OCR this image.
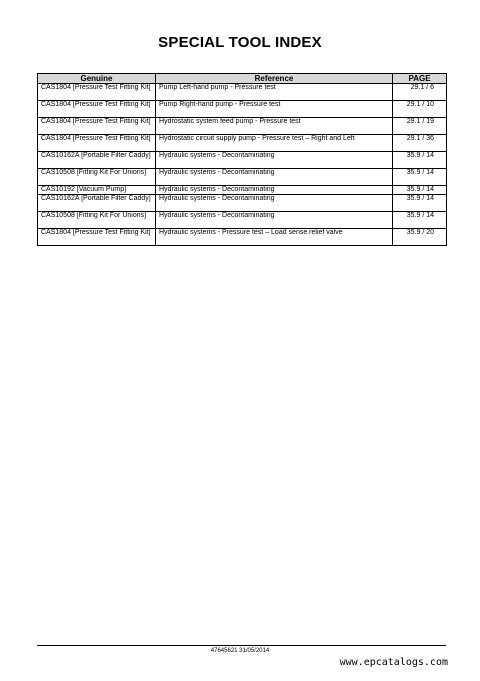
SPECIAL TOOL INDEX
Genuine	Reference	PAGE
CAS1804 [Pressure Test Fitting Kit]	Pump Left-hand pump - Pressure test	29.1 / 6
CAS1804 [Pressure Test Fitting Kit]	Pump Right-hand pump - Pressure test	29.1 / 10
CAS1804 [Pressure Test Fitting Kit]	Hydrostatic system feed pump - Pressure test	29.1 / 19
CAS1804 [Pressure Test Fitting Kit]	Hydrostatic circuit supply pump - Pressure test – Right and Left	29.1 / 36
CAS10162A [Portable Filter Caddy]	Hydraulic systems - Decontaminating	35.9 / 14
CAS10508 [Fitting Kit For Unions]	Hydraulic systems - Decontaminating	35.9 / 14
CAS10192 [Vacuum Pump]	Hydraulic systems - Decontaminating	35.9 / 14
CAS10162A [Portable Filter Caddy]	Hydraulic systems - Decontaminating	35.9 / 14
CAS10508 [Fitting Kit For Unions]	Hydraulic systems - Decontaminating	35.9 / 14
CAS1804 [Pressure Test Fitting Kit]	Hydraulic systems - Pressure test – Load sense relief valve	35.9 / 20
47645621 31/05/2014
www.epcatalogs.com
